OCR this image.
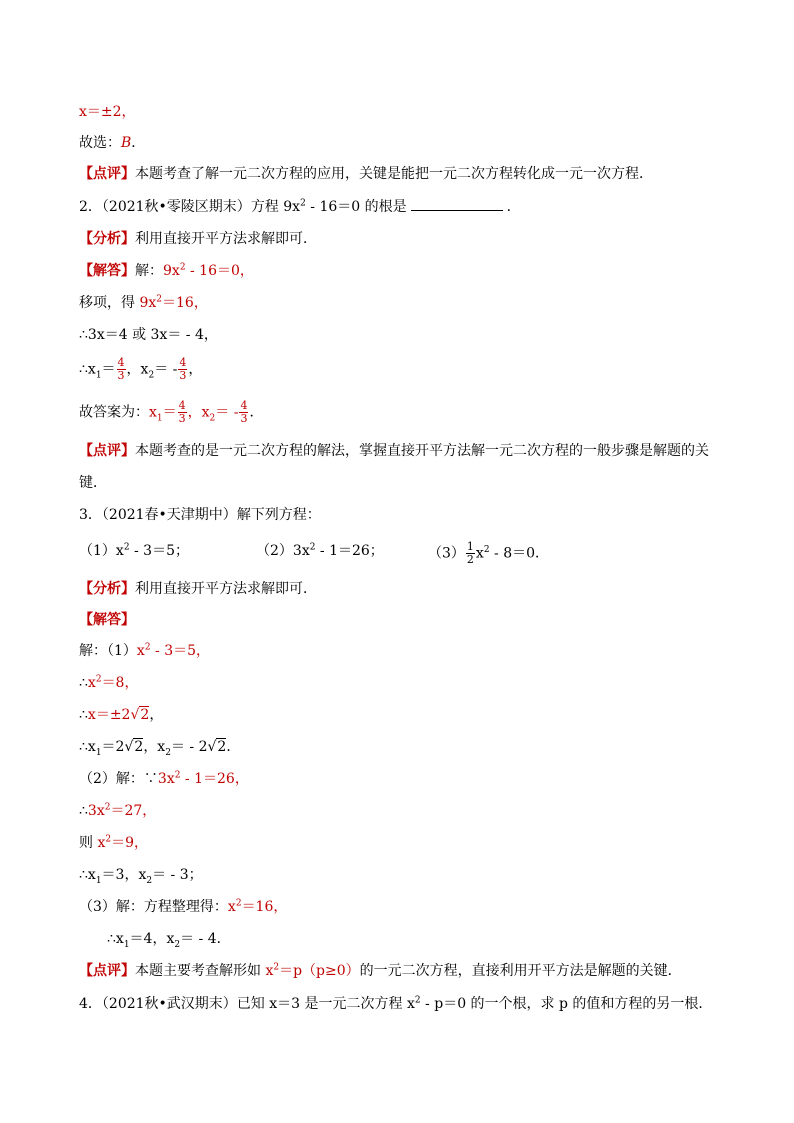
x＝±2，
故选：B．
【点评】本题考查了解一元二次方程的应用，关键是能把一元二次方程转化成一元一次方程．
2．（2021秋•零陵区期末）方程 $9x^2 - 16=0$ 的根是	．
【分析】利用直接开平方法求解即可．
【解答】解：$9x^2 - 16=0$，
移项，得 $9x^2=16$，
∴3x＝4 或 3x＝ - 4，
$\therefore x_1= \frac{4}{3}$ ，$x_2= - \frac{4}{3}$ ，
故答案为：$x_1= \frac{4}{3}$ ，$x_2= - \frac{4}{3}$ ．
【点评】本题考查的是一元二次方程的解法，掌握直接开平方法解一元二次方程的一般步骤是解题的关
键．
3．（2021春•天津期中）解下列方程：
$(1)x^2 - 3=5$；	$(2)3x^2 - 1=26$；	$(3) \frac{1}{2} x^2 - 8=0$．
【分析】利用直接开平方法求解即可．
【解答】
解：$(1)x^2 - 3=5$，
$\therefore x^2=8$，
∴x＝±2√2，
$\therefore x_1=2√2$，$x_2= - 2√2$．
（2）解：$\because 3x^2 - 1=26$，
$\therefore 3x^2=27$，
则 $x^2=9$，
$\therefore x_1=3$，$x_2= - 3$；
（3）解：方程整理得：$x^2=16$，
$\therefore x_1=4$，$x_2= - 4$．
【点评】本题主要考查解形如 $x^2=p(p\ge 0)$的一元二次方程，直接利用开平方法是解题的关键．
4．（2021秋•武汉期末）已知 x＝3 是一元二次方程 $x^2 - p=0$ 的一个根，求 p 的值和方程的另一根．
